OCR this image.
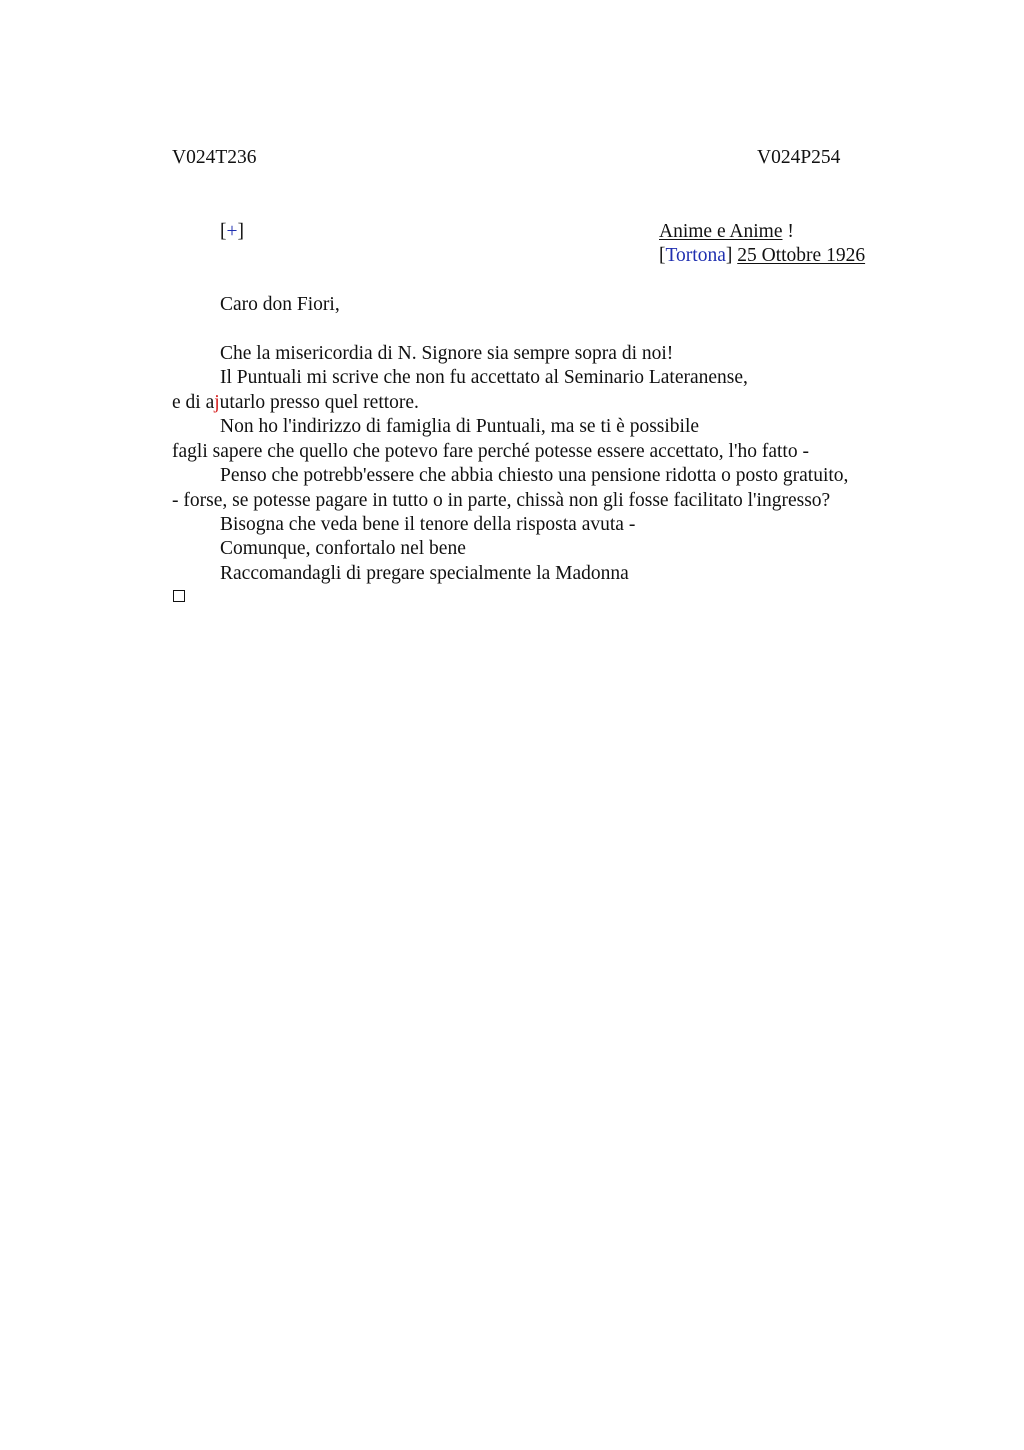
V024T236	V024P254
[+]	Anime e Anime !
[Tortona] 25 Ottobre 1926
Caro don Fiori,
Che la misericordia di N. Signore sia sempre sopra di noi!
Il Puntuali mi scrive che non fu accettato al Seminario Lateranense,
e di ajutarlo presso quel rettore.
Non ho l'indirizzo di famiglia di Puntuali, ma se ti è possibile
fagli sapere che quello che potevo fare perché potesse essere accettato, l'ho fatto -
Penso che potrebb'essere che abbia chiesto una pensione ridotta o posto gratuito,
- forse, se potesse pagare in tutto o in parte, chissà non gli fosse facilitato l'ingresso?
Bisogna che veda bene il tenore della risposta avuta -
Comunque, confortalo nel bene
Raccomandagli di pregare specialmente la Madonna
